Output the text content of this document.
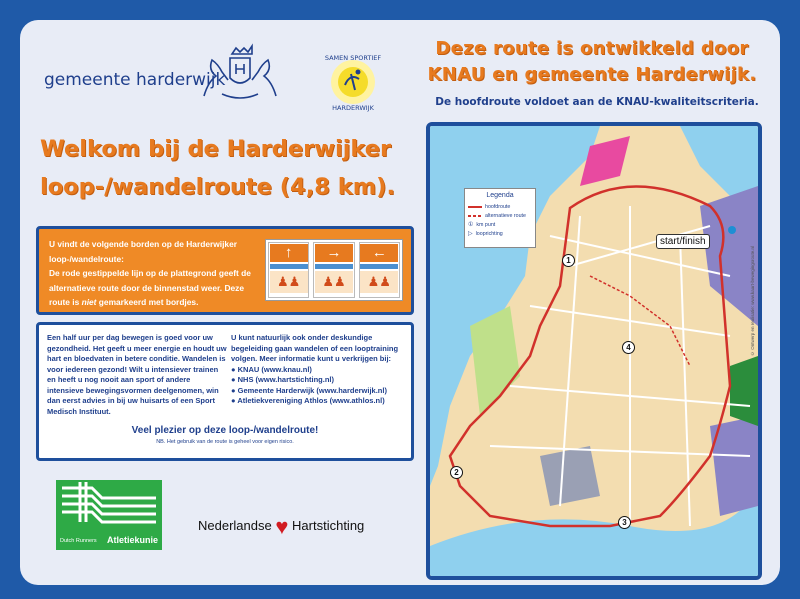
gemeente harderwijk
SAMEN SPORTIEF
HARDERWIJK
Deze route is ontwikkeld door
KNAU en gemeente Harderwijk.
De hoofdroute voldoet aan de KNAU-kwaliteitscriteria.
Welkom bij de Harderwijker
loop-/wandelroute (4,8 km).
U vindt de volgende borden op de Harderwijker loop-/wandelroute:
De rode gestippelde lijn op de plattegrond geeft de alternatieve route door de binnenstad weer. Deze route is niet gemarkeerd met bordjes.
↑
♟♟
→
♟♟
←
♟♟
Een half uur per dag bewegen is goed voor uw gezondheid. Het geeft u meer energie en houdt uw hart en bloedvaten in betere conditie. Wandelen is voor iedereen gezond! Wilt u intensiever trainen en heeft u nog nooit aan sport of andere intensieve bewegingsvormen deelgenomen, win dan eerst advies in bij uw huisarts of een Sport Medisch Instituut.
U kunt natuurlijk ook onder deskundige begeleiding gaan wandelen of een looptraining volgen. Meer informatie kunt u verkrijgen bij:
● KNAU (www.knau.nl)
● NHS (www.hartstichting.nl)
● Gemeente Harderwijk (www.harderwijk.nl)
● Atletiekvereniging Athlos (www.athlos.nl)
Veel plezier op deze loop-/wandelroute!
NB. Het gebruik van de route is geheel voor eigen risico.
Dutch Runners Atletiekunie
Nederlandse ♥ Hartstichting
Legenda
hoofdroute
alternatieve route
① km punt
▷ looprichting
start/finish
1
2
3
4	© Ontwerp en realisatie: www.kaart-bewegingsroute.nl
